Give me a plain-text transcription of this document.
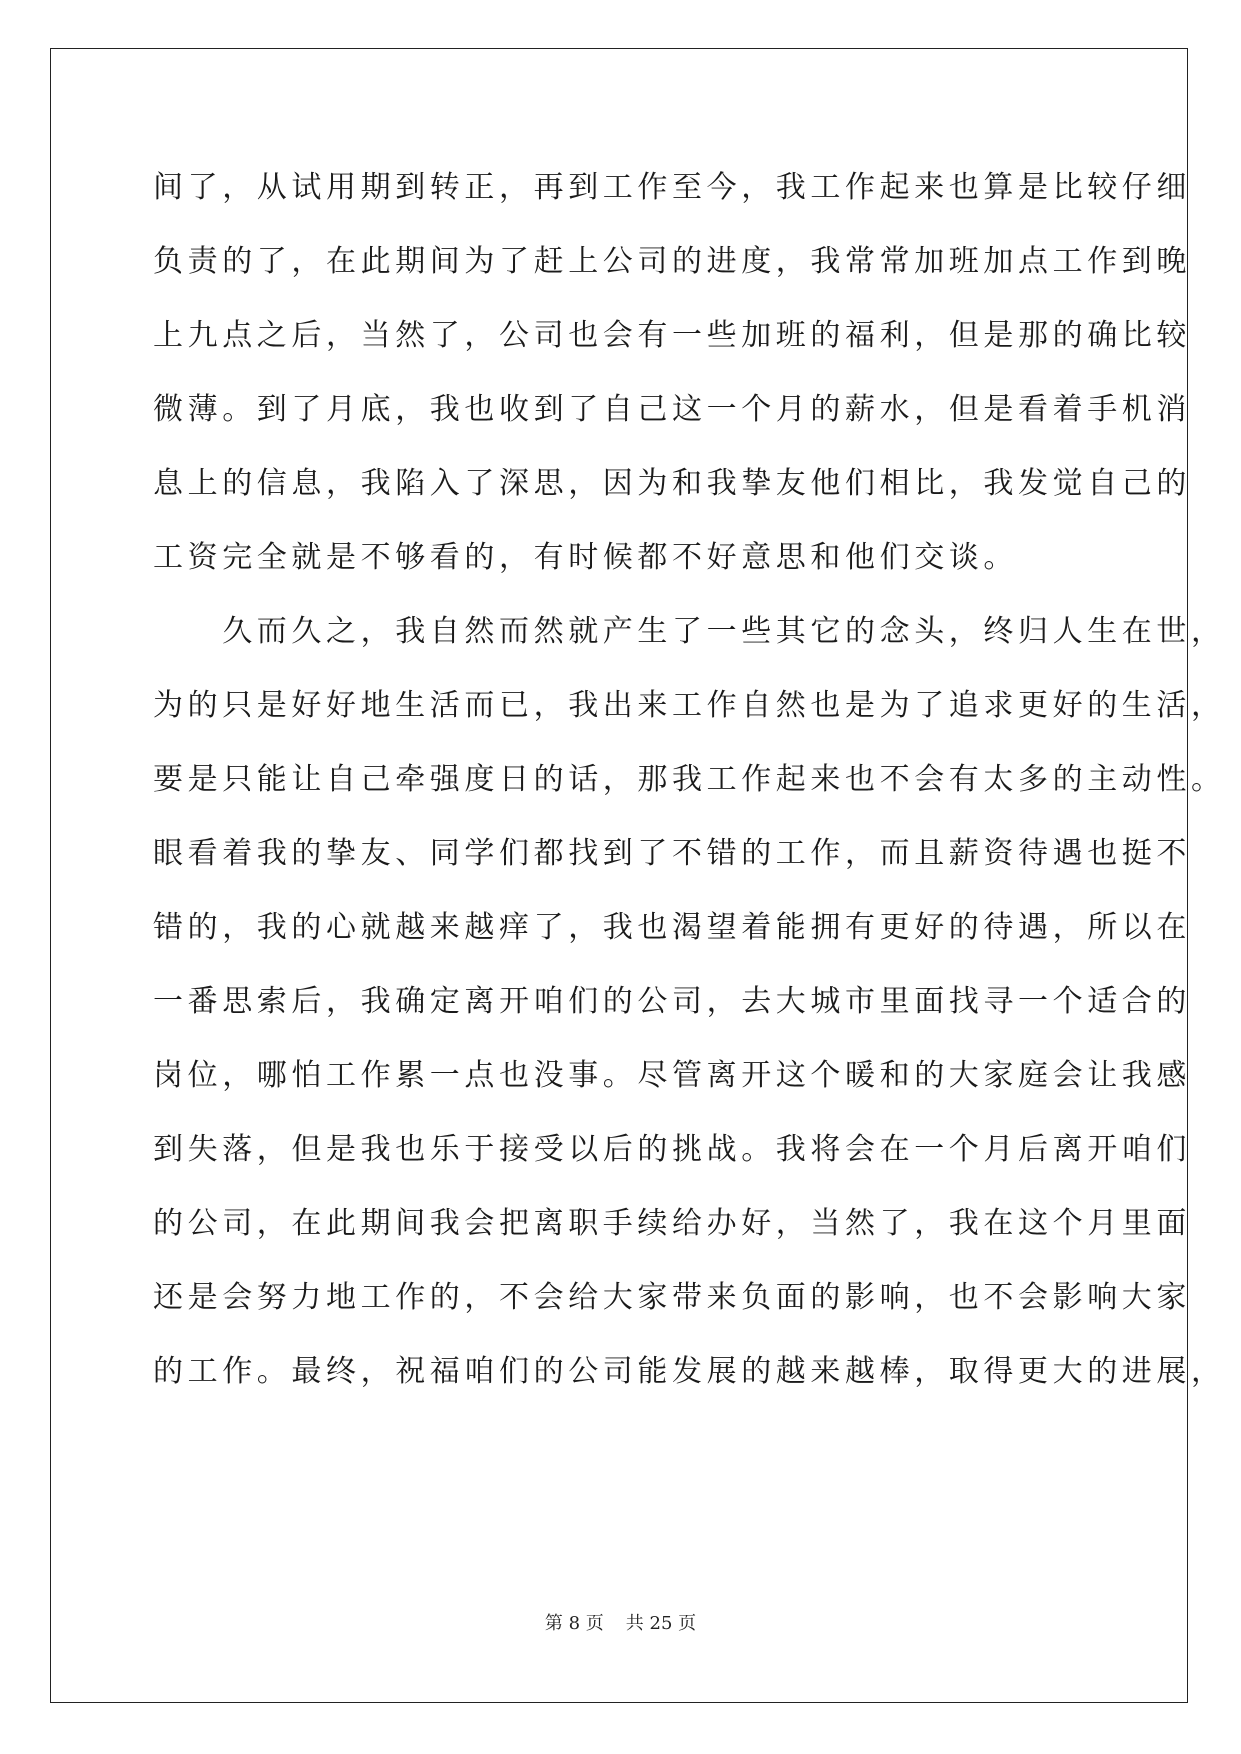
间了，从试用期到转正，再到工作至今，我工作起来也算是比较仔细
负责的了，在此期间为了赶上公司的进度，我常常加班加点工作到晚
上九点之后，当然了，公司也会有一些加班的福利，但是那的确比较
微薄。到了月底，我也收到了自己这一个月的薪水，但是看着手机消
息上的信息，我陷入了深思，因为和我挚友他们相比，我发觉自己的
工资完全就是不够看的，有时候都不好意思和他们交谈。
　　久而久之，我自然而然就产生了一些其它的念头，终归人生在世，
为的只是好好地生活而已，我出来工作自然也是为了追求更好的生活，
要是只能让自己牵强度日的话，那我工作起来也不会有太多的主动性。
眼看着我的挚友、同学们都找到了不错的工作，而且薪资待遇也挺不
错的，我的心就越来越痒了，我也渴望着能拥有更好的待遇，所以在
一番思索后，我确定离开咱们的公司，去大城市里面找寻一个适合的
岗位，哪怕工作累一点也没事。尽管离开这个暖和的大家庭会让我感
到失落，但是我也乐于接受以后的挑战。我将会在一个月后离开咱们
的公司，在此期间我会把离职手续给办好，当然了，我在这个月里面
还是会努力地工作的，不会给大家带来负面的影响，也不会影响大家
的工作。最终，祝福咱们的公司能发展的越来越棒，取得更大的进展，
第 8 页 共 25 页
